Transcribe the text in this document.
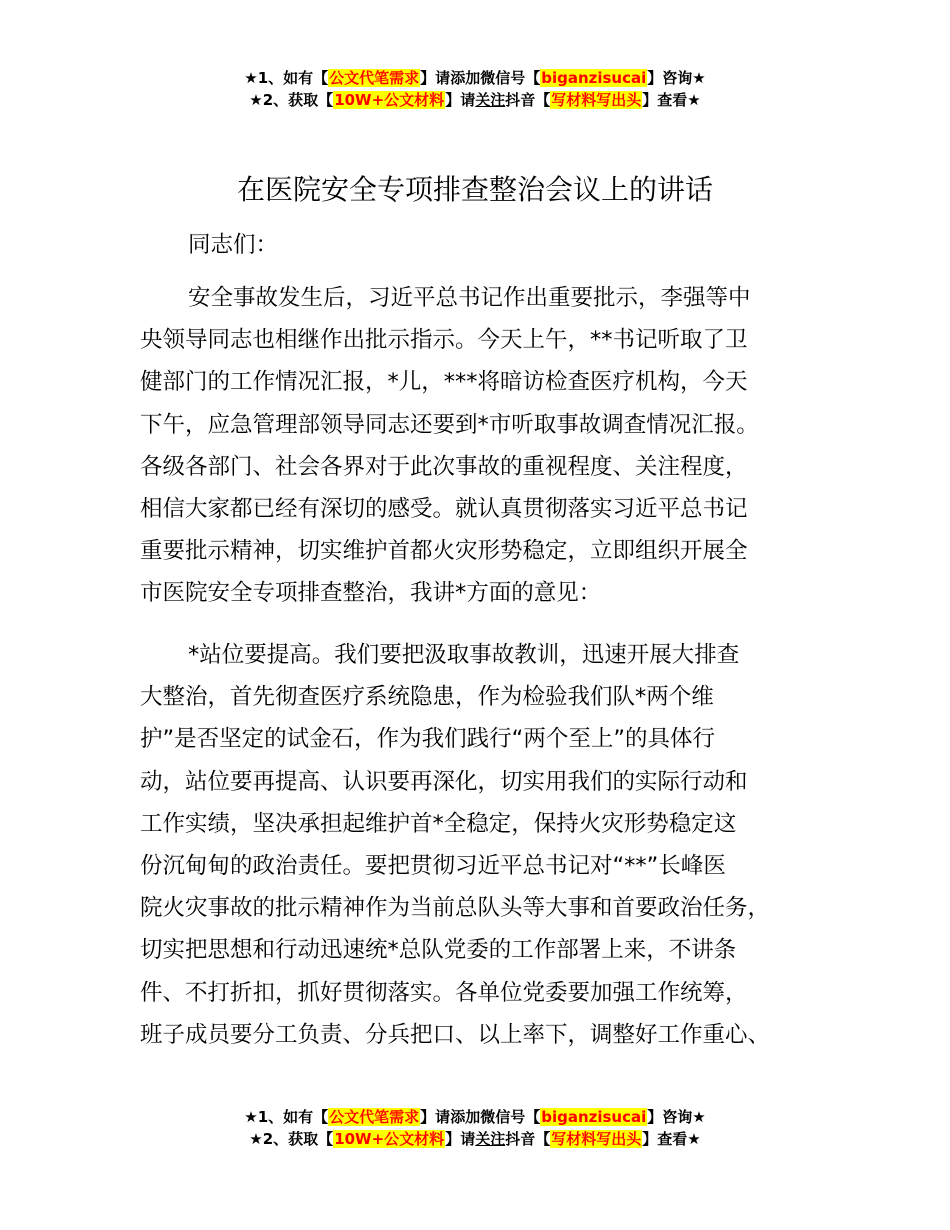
★1、如有【公文代笔需求】请添加微信号【biganzisucai】咨询★
★2、获取【10W+公文材料】请关注抖音【写材料写出头】查看★
在医院安全专项排查整治会议上的讲话
同志们：
安全事故发生后，习近平总书记作出重要批示，李强等中
央领导同志也相继作出批示指示。今天上午，**书记听取了卫
健部门的工作情况汇报，*儿，***将暗访检查医疗机构，今天
下午，应急管理部领导同志还要到*市听取事故调查情况汇报。
各级各部门、社会各界对于此次事故的重视程度、关注程度，
相信大家都已经有深切的感受。就认真贯彻落实习近平总书记
重要批示精神，切实维护首都火灾形势稳定，立即组织开展全
市医院安全专项排查整治，我讲*方面的意见：
*站位要提高。我们要把汲取事故教训，迅速开展大排查
大整治，首先彻查医疗系统隐患，作为检验我们队*两个维
护”是否坚定的试金石，作为我们践行“两个至上”的具体行
动，站位要再提高、认识要再深化，切实用我们的实际行动和
工作实绩，坚决承担起维护首*全稳定，保持火灾形势稳定这
份沉甸甸的政治责任。要把贯彻习近平总书记对“**”长峰医
院火灾事故的批示精神作为当前总队头等大事和首要政治任务，
切实把思想和行动迅速统*总队党委的工作部署上来，不讲条
件、不打折扣，抓好贯彻落实。各单位党委要加强工作统筹，
班子成员要分工负责、分兵把口、以上率下，调整好工作重心、
★1、如有【公文代笔需求】请添加微信号【biganzisucai】咨询★
★2、获取【10W+公文材料】请关注抖音【写材料写出头】查看★
